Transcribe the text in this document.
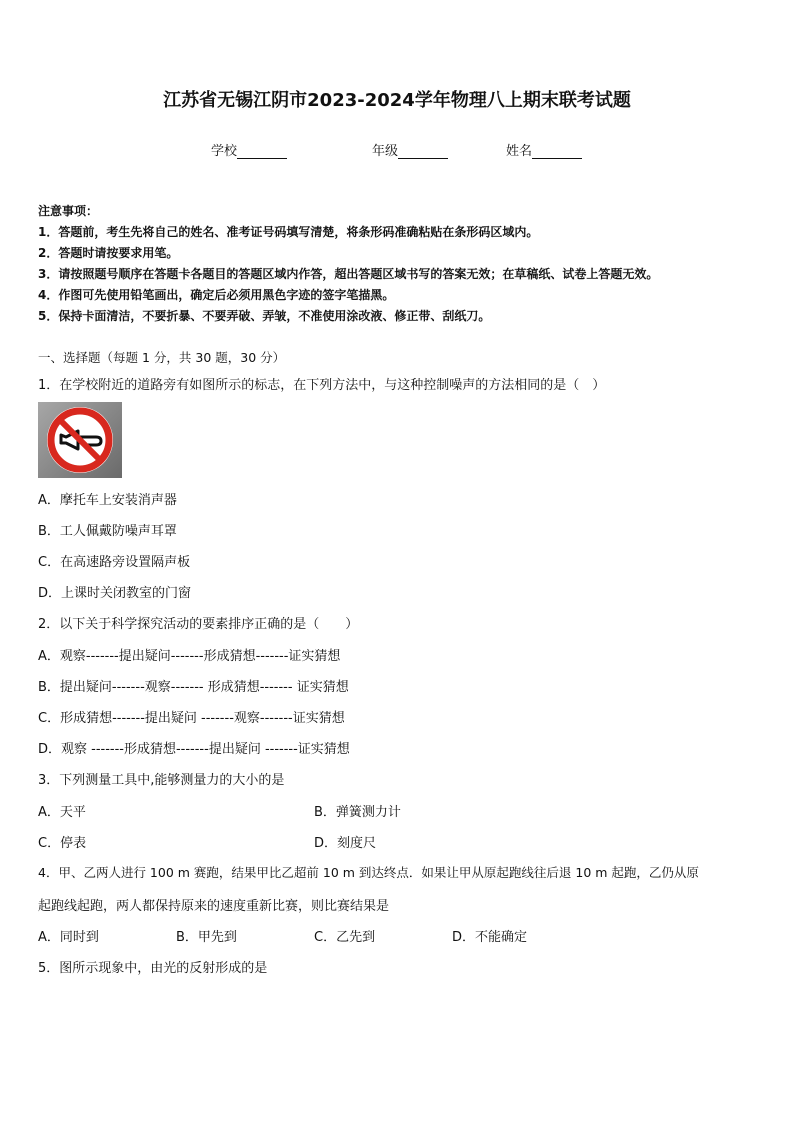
江苏省无锡江阴市2023-2024学年物理八上期末联考试题
学校	年级	姓名
注意事项：
1．答题前，考生先将自己的姓名、准考证号码填写清楚，将条形码准确粘贴在条形码区域内。
2．答题时请按要求用笔。
3．请按照题号顺序在答题卡各题目的答题区域内作答，超出答题区域书写的答案无效；在草稿纸、试卷上答题无效。
4．作图可先使用铅笔画出，确定后必须用黑色字迹的签字笔描黑。
5．保持卡面清洁，不要折暴、不要弄破、弄皱，不准使用涂改液、修正带、刮纸刀。
一、选择题（每题 1 分，共 30 题，30 分）
1．在学校附近的道路旁有如图所示的标志，在下列方法中，与这种控制噪声的方法相同的是（　）
A．摩托车上安装消声器
B．工人佩戴防噪声耳罩
C．在高速路旁设置隔声板
D．上课时关闭教室的门窗
2．以下关于科学探究活动的要素排序正确的是（　　）
A．观察-------提出疑问-------形成猜想-------证实猜想
B．提出疑问-------观察------- 形成猜想------- 证实猜想
C．形成猜想-------提出疑问 -------观察-------证实猜想
D．观察 -------形成猜想-------提出疑问 -------证实猜想
3．下列测量工具中,能够测量力的大小的是
A．天平	B．弹簧测力计
C．停表	D．刻度尺
4．甲、乙两人进行 100 m 赛跑，结果甲比乙超前 10 m 到达终点．如果让甲从原起跑线往后退 10 m 起跑，乙仍从原
起跑线起跑，两人都保持原来的速度重新比赛，则比赛结果是
A．同时到	B．甲先到	C．乙先到	D．不能确定
5．图所示现象中，由光的反射形成的是
